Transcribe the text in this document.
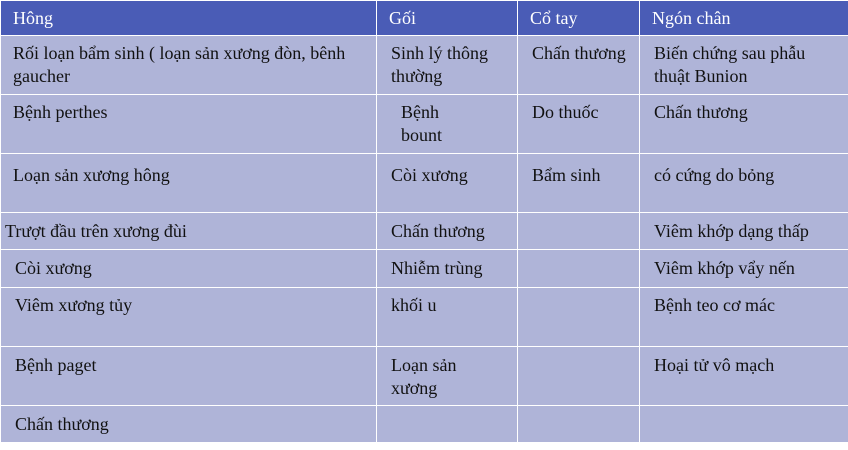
Hông	Gối	Cổ tay	Ngón chân

Rối loạn bẩm sinh ( loạn sản xương đòn, bênh gaucher	Sinh lý thông thường	Chấn thương	Biến chứng sau phẫu thuật Bunion

Bệnh perthes	Bệnh bount	Do thuốc	Chấn thương

Loạn sản xương hông	Còi xương	Bẩm sinh	có cứng do bỏng

Trượt đầu trên xương đùi	Chấn thương		Viêm khớp dạng thấp

Còi xương	Nhiễm trùng		Viêm khớp vẩy nến

Viêm xương tủy	khối u		Bệnh teo cơ mác

Bệnh paget	Loạn sản xương		Hoại tử vô mạch

Chấn thương			
